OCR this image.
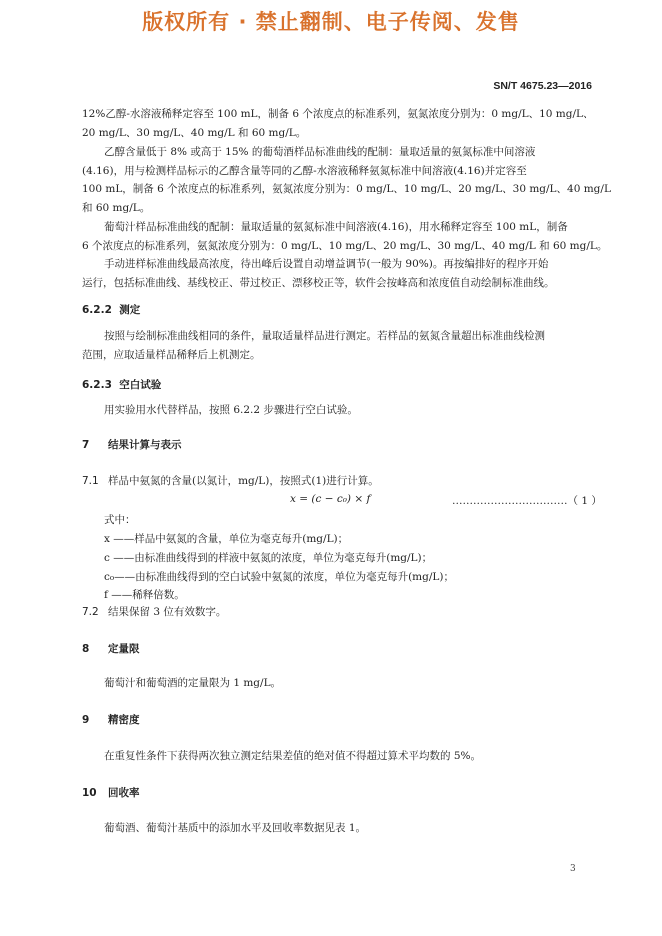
版权所有 · 禁止翻制、电子传阅、发售
SN/T 4675.23—2016
12%乙醇-水溶液稀释定容至 100 mL，制备 6 个浓度点的标准系列，氨氮浓度分别为：0 mg/L、10 mg/L、
20 mg/L、30 mg/L、40 mg/L 和 60 mg/L。
乙醇含量低于 8% 或高于 15% 的葡萄酒样品标准曲线的配制：量取适量的氨氮标准中间溶液
(4.16)，用与检测样品标示的乙醇含量等同的乙醇-水溶液稀释氨氮标准中间溶液(4.16)并定容至
100 mL，制备 6 个浓度点的标准系列，氨氮浓度分别为：0 mg/L、10 mg/L、20 mg/L、30 mg/L、40 mg/L
和 60 mg/L。
葡萄汁样品标准曲线的配制：量取适量的氨氮标准中间溶液(4.16)，用水稀释定容至 100 mL，制备
6 个浓度点的标准系列，氨氮浓度分别为：0 mg/L、10 mg/L、20 mg/L、30 mg/L、40 mg/L 和 60 mg/L。
手动进样标准曲线最高浓度，待出峰后设置自动增益调节(一般为 90%)。再按编排好的程序开始
运行，包括标准曲线、基线校正、带过校正、漂移校正等，软件会按峰高和浓度值自动绘制标准曲线。
6.2.2 测定
按照与绘制标准曲线相同的条件，量取适量样品进行测定。若样品的氨氮含量超出标准曲线检测
范围，应取适量样品稀释后上机测定。
6.2.3 空白试验
用实验用水代替样品，按照 6.2.2 步骤进行空白试验。
7 结果计算与表示
7.1 样品中氨氮的含量(以氮计，mg/L)，按照式(1)进行计算。
x = (c − c₀) × f	……………………………（ 1 ）
式中：
x ——样品中氨氮的含量，单位为毫克每升(mg/L)；
c ——由标准曲线得到的样液中氨氮的浓度，单位为毫克每升(mg/L)；
c₀——由标准曲线得到的空白试验中氨氮的浓度，单位为毫克每升(mg/L)；
f ——稀释倍数。
7.2 结果保留 3 位有效数字。
8 定量限
葡萄汁和葡萄酒的定量限为 1 mg/L。
9 精密度
在重复性条件下获得两次独立测定结果差值的绝对值不得超过算术平均数的 5%。
10 回收率
葡萄酒、葡萄汁基质中的添加水平及回收率数据见表 1。
3
